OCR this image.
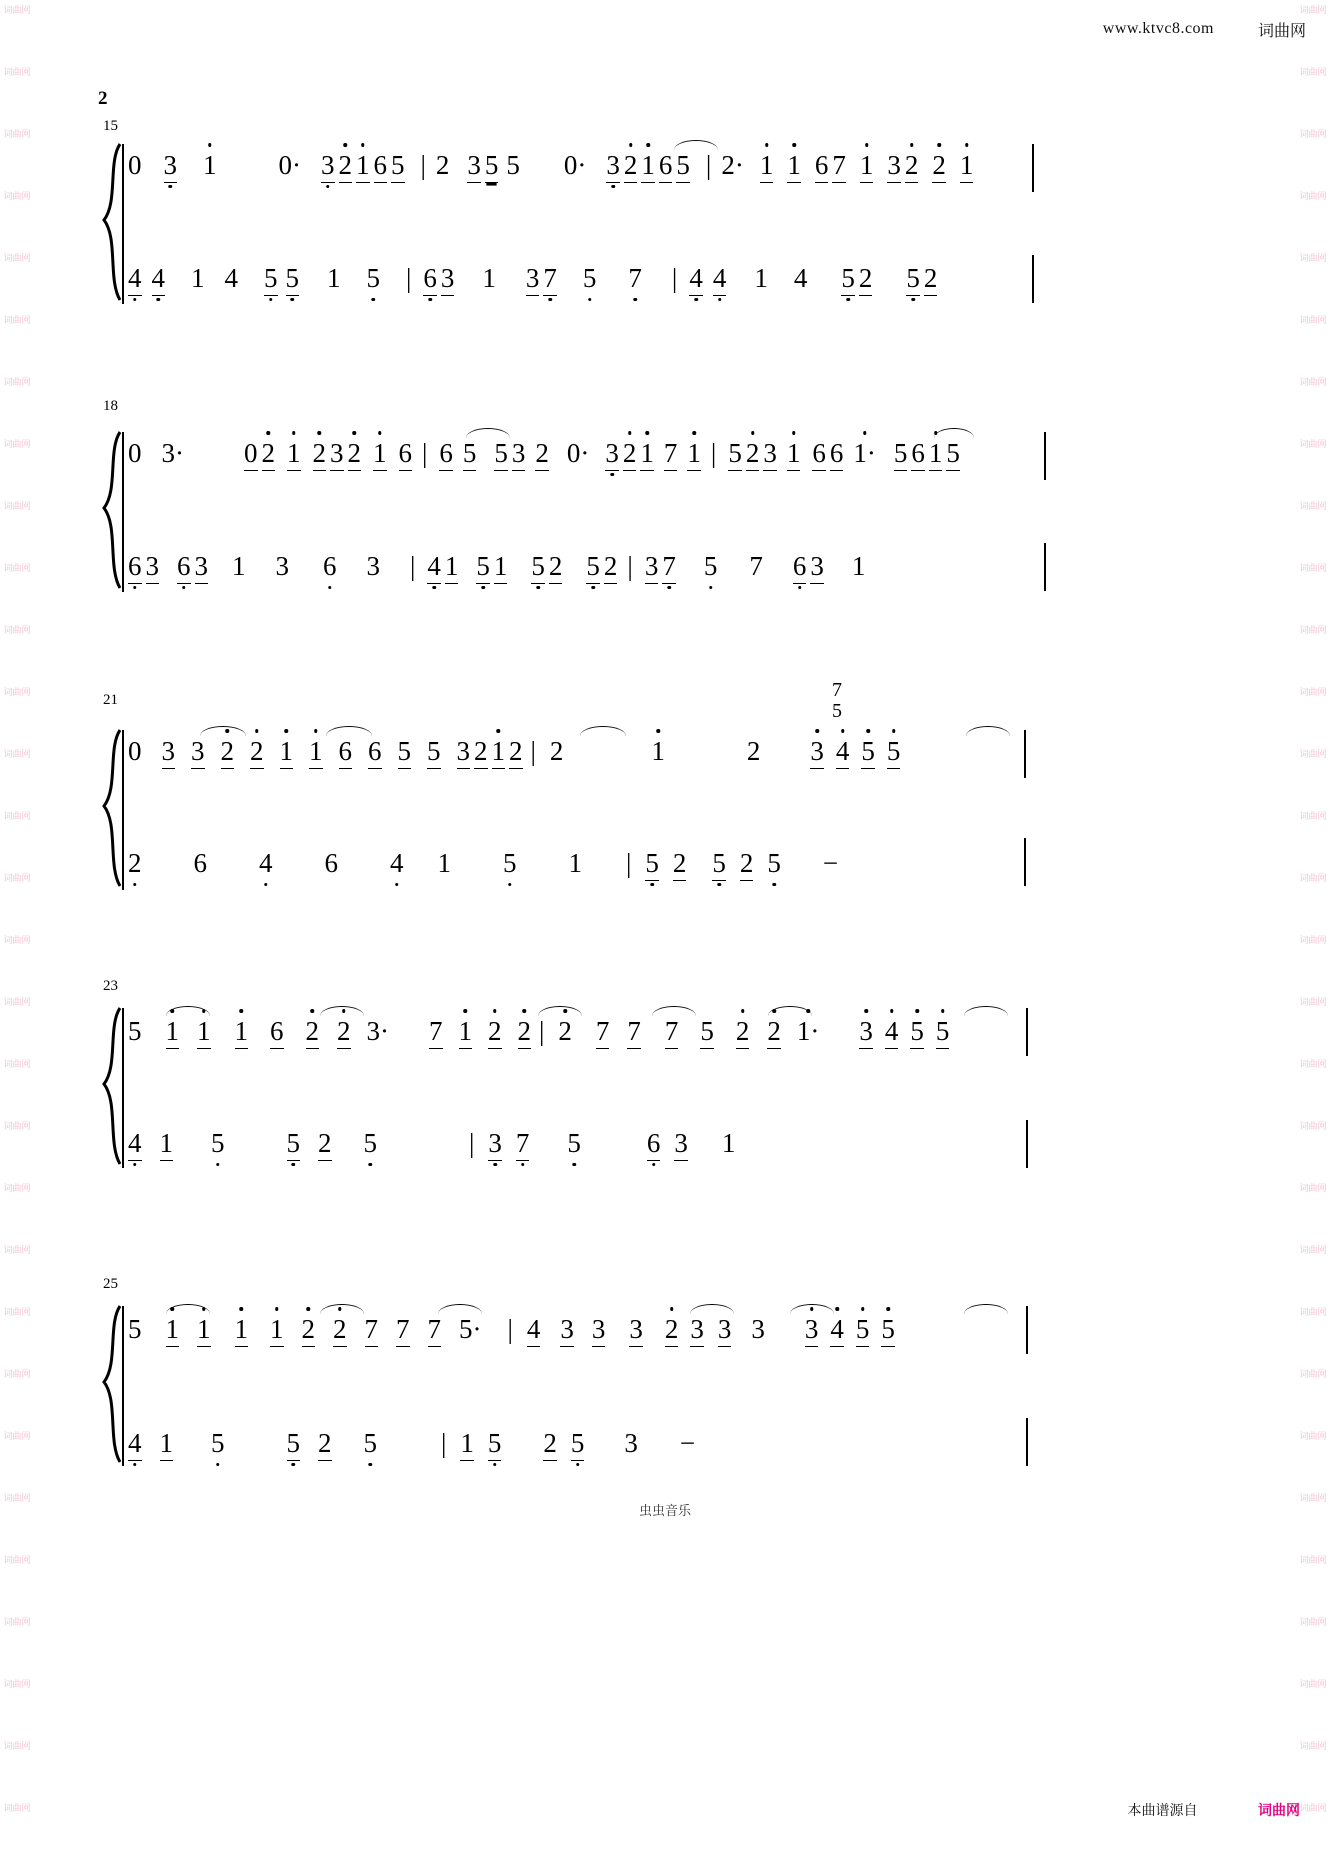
词曲网
词曲网
词曲网
词曲网
词曲网
词曲网
词曲网
词曲网
词曲网
词曲网
词曲网
词曲网
词曲网
词曲网
词曲网
词曲网
词曲网
词曲网
词曲网
词曲网
词曲网
词曲网
词曲网
词曲网
词曲网
词曲网
词曲网
词曲网
词曲网
词曲网
词曲网
词曲网
词曲网
词曲网
词曲网
词曲网
词曲网
词曲网
词曲网
词曲网
词曲网
词曲网
词曲网
词曲网
词曲网
词曲网
词曲网
词曲网
词曲网
词曲网
词曲网
词曲网
词曲网
词曲网
词曲网
词曲网
词曲网
词曲网
词曲网
词曲网
www.ktvc8.com	词曲网
2
15
0 3 1 0· 3 2 1 6 5 | 2 3 5 5 0· 3 2 1 6 5 | 2· 1 1 6 7 1 3 2 2 1
4 4 1 4 5 5 1 5 | 6 3 1 3 7 5 7 | 4 4 1 4 5 2 5 2
18
0 3· 0 2 1 2 3 2 1 6 | 6 5 5 3 2 0· 3 2 1 7 1 | 5 2 3 1 6 6 1· 5 6 1 5
6 3 6 3 1 3 6 3 | 4 1 5 1 5 2 5 2 | 3 7 5 7 6 3 1
21	7
5
0 3 3 2 2 1 1 6 6 5 5 3 2 1 2 | 2	1	2 3 4 5 5
2 6 4 6 4 1 5 1 | 5 2 5 2 5 −
23
5 1 1 1 6 2 2 3· 7 1 2 2 | 2 7 7 7 5 2 2 1· 3 4 5 5
4 1 5 5 2 5	| 3 7 5 6 3 1
25
5 1 1 1 1 2 2 7 7 7 5· | 4 3 3 3 2 3 3 3 3 4 5 5
4 1 5 5 2 5 | 1 5 2 5 3 −
虫虫音乐
本曲谱源自	词曲网
